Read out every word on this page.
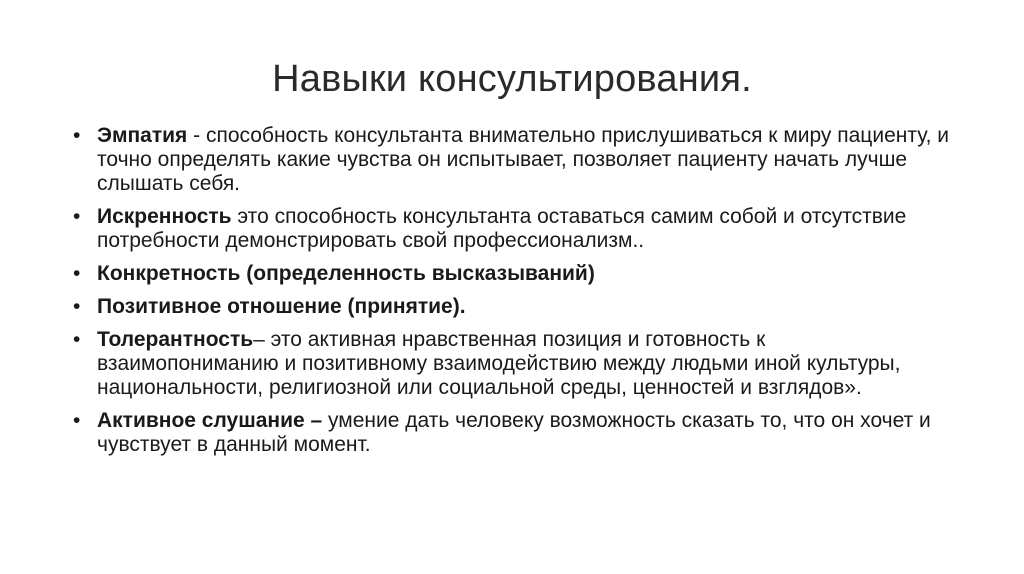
Навыки консультирования.
• Эмпатия - способность консультанта внимательно прислушиваться к миру пациенту, и точно определять какие чувства он испытывает, позволяет пациенту начать лучше слышать себя.
• Искренность это способность консультанта оставаться самим собой и отсутствие потребности демонстрировать свой профессионализм..
• Конкретность (определенность высказываний)
• Позитивное отношение (принятие).
• Толерантность– это активная нравственная позиция и готовность к взаимопониманию и позитивному взаимодействию между людьми иной культуры, национальности, религиозной или социальной среды, ценностей и взглядов».
• Активное слушание – умение дать человеку возможность сказать то, что он хочет и чувствует в данный момент.
